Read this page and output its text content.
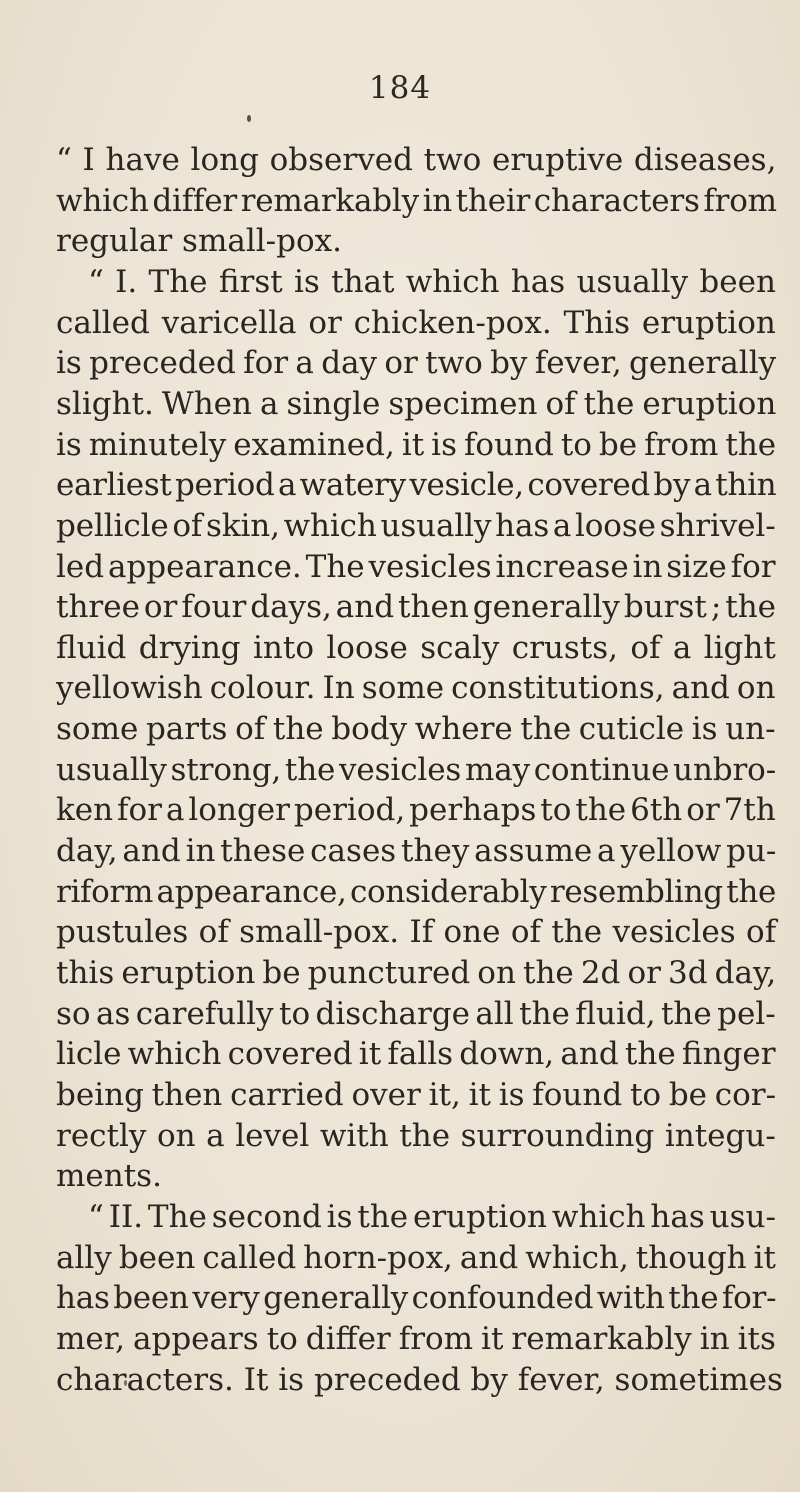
184
“ I have long observed two eruptive diseases,
which differ remarkably in their characters from
regular small-pox.
“ I. The first is that which has usually been
called varicella or chicken-pox. This eruption
is preceded for a day or two by fever, generally
slight. When a single specimen of the eruption
is minutely examined, it is found to be from the
earliest period a watery vesicle, covered by a thin
pellicle of skin, which usually has a loose shrivel-
led appearance. The vesicles increase in size for
three or four days, and then generally burst ; the
fluid drying into loose scaly crusts, of a light
yellowish colour. In some constitutions, and on
some parts of the body where the cuticle is un-
usually strong, the vesicles may continue unbro-
ken for a longer period, perhaps to the 6th or 7th
day, and in these cases they assume a yellow pu-
riform appearance, considerably resembling the
pustules of small-pox. If one of the vesicles of
this eruption be punctured on the 2d or 3d day,
so as carefully to discharge all the fluid, the pel-
licle which covered it falls down, and the finger
being then carried over it, it is found to be cor-
rectly on a level with the surrounding integu-
ments.
“ II. The second is the eruption which has usu-
ally been called horn-pox, and which, though it
has been very generally confounded with the for-
mer, appears to differ from it remarkably in its
characters. It is preceded by fever, sometimes
